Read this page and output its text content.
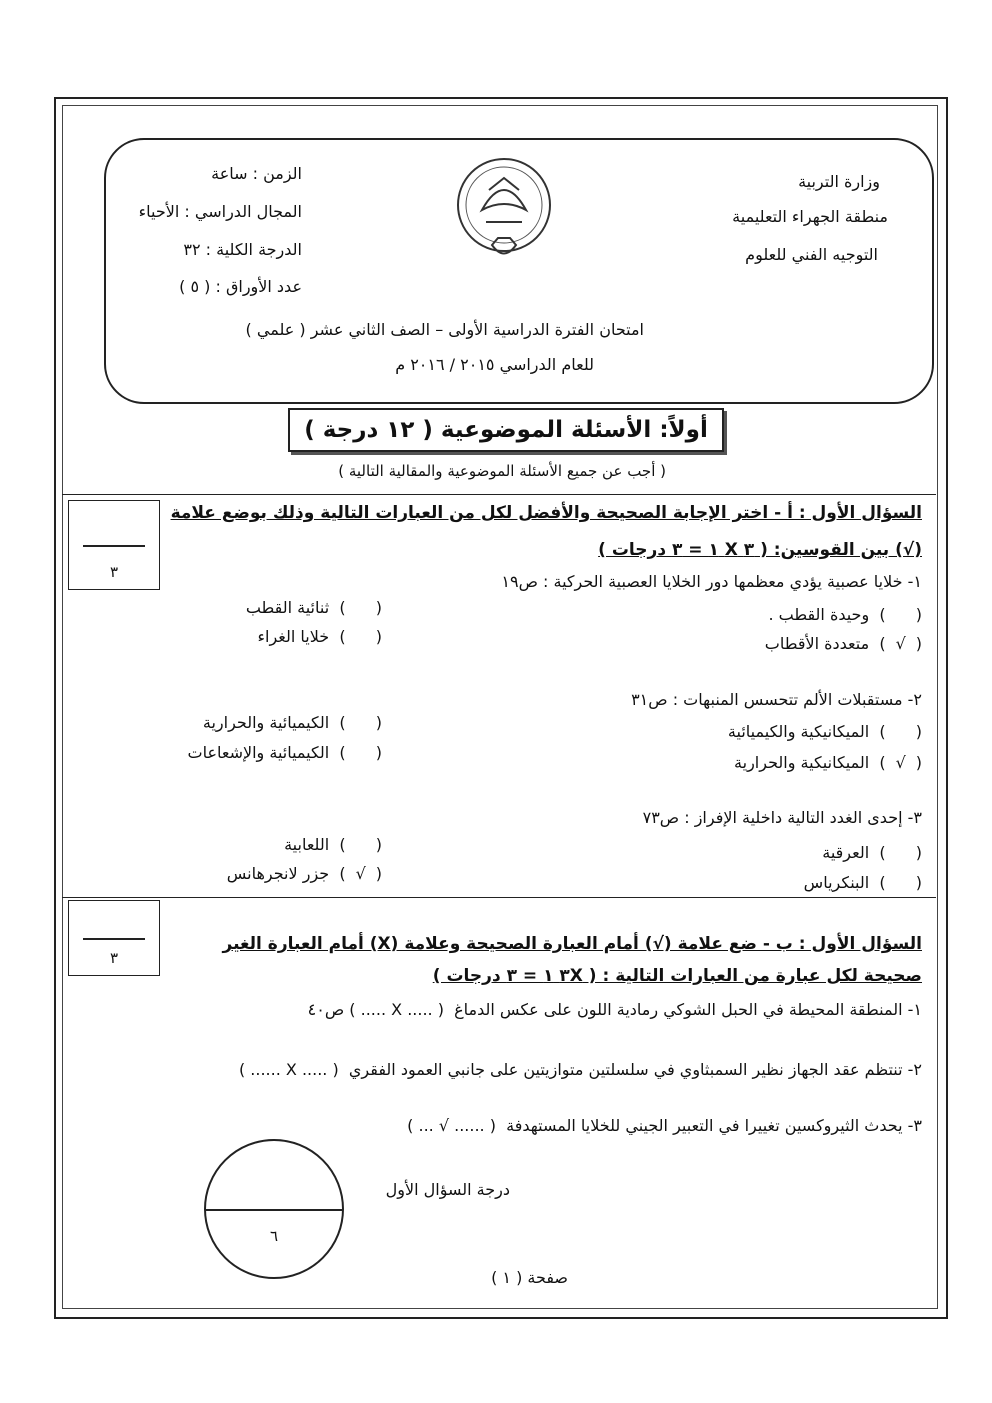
وزارة التربية
منطقة الجهراء التعليمية
التوجيه الفني للعلوم
الزمن : ساعة
المجال الدراسي : الأحياء
الدرجة الكلية : ٣٢
عدد الأوراق : ( ٥ )
امتحان الفترة الدراسية الأولى – الصف الثاني عشر ( علمي )
للعام الدراسي ٢٠١٥ / ٢٠١٦ م
أولاً: الأسئلة الموضوعية ( ١٢ درجة )
( أجب عن جميع الأسئلة الموضوعية والمقالية التالية )
٣
السؤال الأول : أ - اختر الإجابة الصحيحة والأفضل لكل من العبارات التالية وذلك بوضع علامة
(√) بين القوسين: ( ٣ X ١ = ٣ درجات )
١- خلايا عصبية يؤدي معظمها دور الخلايا العصبية الحركية : ص١٩
(  )  وحيدة القطب .
(  )  ثنائية القطب
( √ )  متعددة الأقطاب
(  )  خلايا الغراء
٢- مستقبلات الألم تتحسس المنبهات : ص٣١
(  )  الميكانيكية والكيميائية
(  )  الكيميائية والحرارية
( √ )  الميكانيكية والحرارية
(  )  الكيميائية والإشعاعات
٣- إحدى الغدد التالية داخلية الإفراز : ص٧٣
(  )  العرقية
(  )  اللعابية
(  )  البنكرياس
( √ )  جزر لانجرهانس
٣
السؤال الأول : ب - ضع علامة (√) أمام العبارة الصحيحة وعلامة (X) أمام العبارة الغير
صحيحة لكل عبارة من العبارات التالية : ( ٣X ١ = ٣ درجات )
١- المنطقة المحيطة في الحبل الشوكي رمادية اللون على عكس الدماغ  ( ..... X ..... ) ص٤٠
٢- تنتظم عقد الجهاز نظير السمبثاوي في سلسلتين متوازيتين على جانبي العمود الفقري  ( ..... X ...... )
٣- يحدث الثيروكسين تغييرا في التعبير الجيني للخلايا المستهدفة  ( ...... √ ... )
درجة السؤال الأول
٦
صفحة ( ١ )
